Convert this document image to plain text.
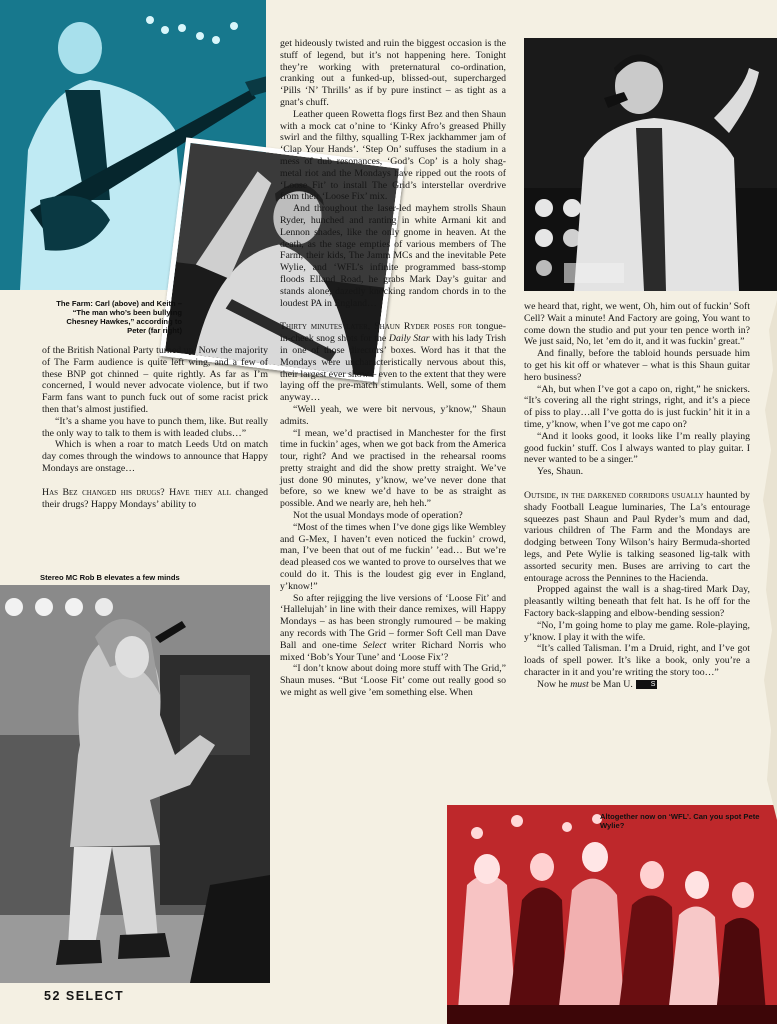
The Farm: Carl (above) and Keith – “The man who’s been bullying Chesney Hawkes,” according to Peter (far right)

Stereo MC Rob B elevates a few minds

Altogether now on ‘WFL’. Can you spot Pete Wylie?

of the British National Party turned up. Now the majority of The Farm audience is quite left wing, and a few of these BNP got chinned – quite rightly. As far as I’m concerned, I would never advocate violence, but if two Farm fans want to punch fuck out of some racist prick then that’s almost justified.

“It’s a shame you have to punch them, like. But really the only way to talk to them is with leaded clubs…”

Which is when a roar to match Leeds Utd on match day comes through the windows to announce that Happy Mondays are onstage…

Has Bez changed his drugs? Have they all changed their drugs? Happy Mondays’ ability to

get hideously twisted and ruin the biggest occasion is the stuff of legend, but it’s not happening here. Tonight they’re working with preternatural co-ordination, cranking out a funked-up, blissed-out, supercharged ‘Pills ‘N’ Thrills’ as if by pure instinct – as tight as a gnat’s chuff.

Leather queen Rowetta flogs first Bez and then Shaun with a mock cat o’nine to ‘Kinky Afro’s greased Philly swirl and the filthy, squalling T-Rex jackhammer jam of ‘Clap Your Hands’. ‘Step On’ suffuses the stadium in a mess of dub resonances, ‘God’s Cop’ is a holy shag-metal riot and the Mondays have ripped out the roots of ‘Loose Fit’ to install The Grid’s interstellar overdrive from their ‘Loose Fix’ mix.

And throughout the laser-led mayhem strolls Shaun Ryder, hunched and ranting in white Armani kit and Lennon shades, like the only gnome in heaven. At the death, as the stage empties of various members of The Farm, their kids, The Jamm MCs and the inevitable Pete Wylie, and ‘WFL’s infinite programmed bass-stomp floods Elland Road, he grabs Mark Day’s guitar and stands alone, dazedly knocking random chords in to the loudest PA in England…

Thirty minutes later, Shaun Ryder poses for tongue-in-cheek snog shots for the Daily Star with his lady Trish in one of those directors’ boxes. Word has it that the Mondays were uncharacteristically nervous about this, their largest ever show – even to the extent that they were laying off the pre-match stimulants. Well, some of them anyway…

“Well yeah, we were bit nervous, y’know,” Shaun admits.

“I mean, we’d practised in Manchester for the first time in fuckin’ ages, when we got back from the America tour, right? And we practised in the rehearsal rooms pretty straight and did the show pretty straight. We’ve just done 90 minutes, y’know, we’ve never done that before, so we knew we’d have to be as straight as possible. And we nearly are, heh heh.”

Not the usual Mondays mode of operation?

“Most of the times when I’ve done gigs like Wembley and G-Mex, I haven’t even noticed the fuckin’ crowd, man, I’ve been that out of me fuckin’ ’ead… But we’re dead pleased cos we wanted to prove to ourselves that we could do it. This is the loudest gig ever in England, y’know!”

So after rejigging the live versions of ‘Loose Fit’ and ‘Hallelujah’ in line with their dance remixes, will Happy Mondays – as has been strongly rumoured – be making any records with The Grid – former Soft Cell man Dave Ball and one-time Select writer Richard Norris who mixed ‘Bob’s Your Tune’ and ‘Loose Fix’?

“I don’t know about doing more stuff with The Grid,” Shaun muses. “But ‘Loose Fit’ come out really good so we might as well give ’em something else. When

we heard that, right, we went, Oh, him out of fuckin’ Soft Cell? Wait a minute! And Factory are going, You want to come down the studio and put your ten pence worth in? We just said, No, let ’em do it, and it was fuckin’ great.”

And finally, before the tabloid hounds persuade him to get his kit off or whatever – what is this Shaun guitar hero business?

“Ah, but when I’ve got a capo on, right,” he snickers. “It’s covering all the right strings, right, and it’s a piece of piss to play…all I’ve gotta do is just fuckin’ hit it in a time, y’know, when I’ve got me capo on?

“And it looks good, it looks like I’m really playing good fuckin’ stuff. Cos I always wanted to play guitar. I never wanted to be a singer.”

Yes, Shaun.

Outside, in the darkened corridors usually haunted by shady Football League luminaries, The La’s entourage squeezes past Shaun and Paul Ryder’s mum and dad, various children of The Farm and the Mondays are dodging between Tony Wilson’s hairy Bermuda-shorted legs, and Pete Wylie is talking seasoned lig-talk with assorted security men. Buses are arriving to cart the entourage across the Pennines to the Hacienda.

Propped against the wall is a shag-tired Mark Day, pleasantly wilting beneath that felt hat. Is he off for the Factory back-slapping and elbow-bending session?

“No, I’m going home to play me game. Role-playing, y’know. I play it with the wife.

“It’s called Talisman. I’m a Druid, right, and I’ve got loads of spell power. It’s like a book, only you’re a character in it and you’re writing the story too…”

Now he must be Man U.	S

52 SELECT
